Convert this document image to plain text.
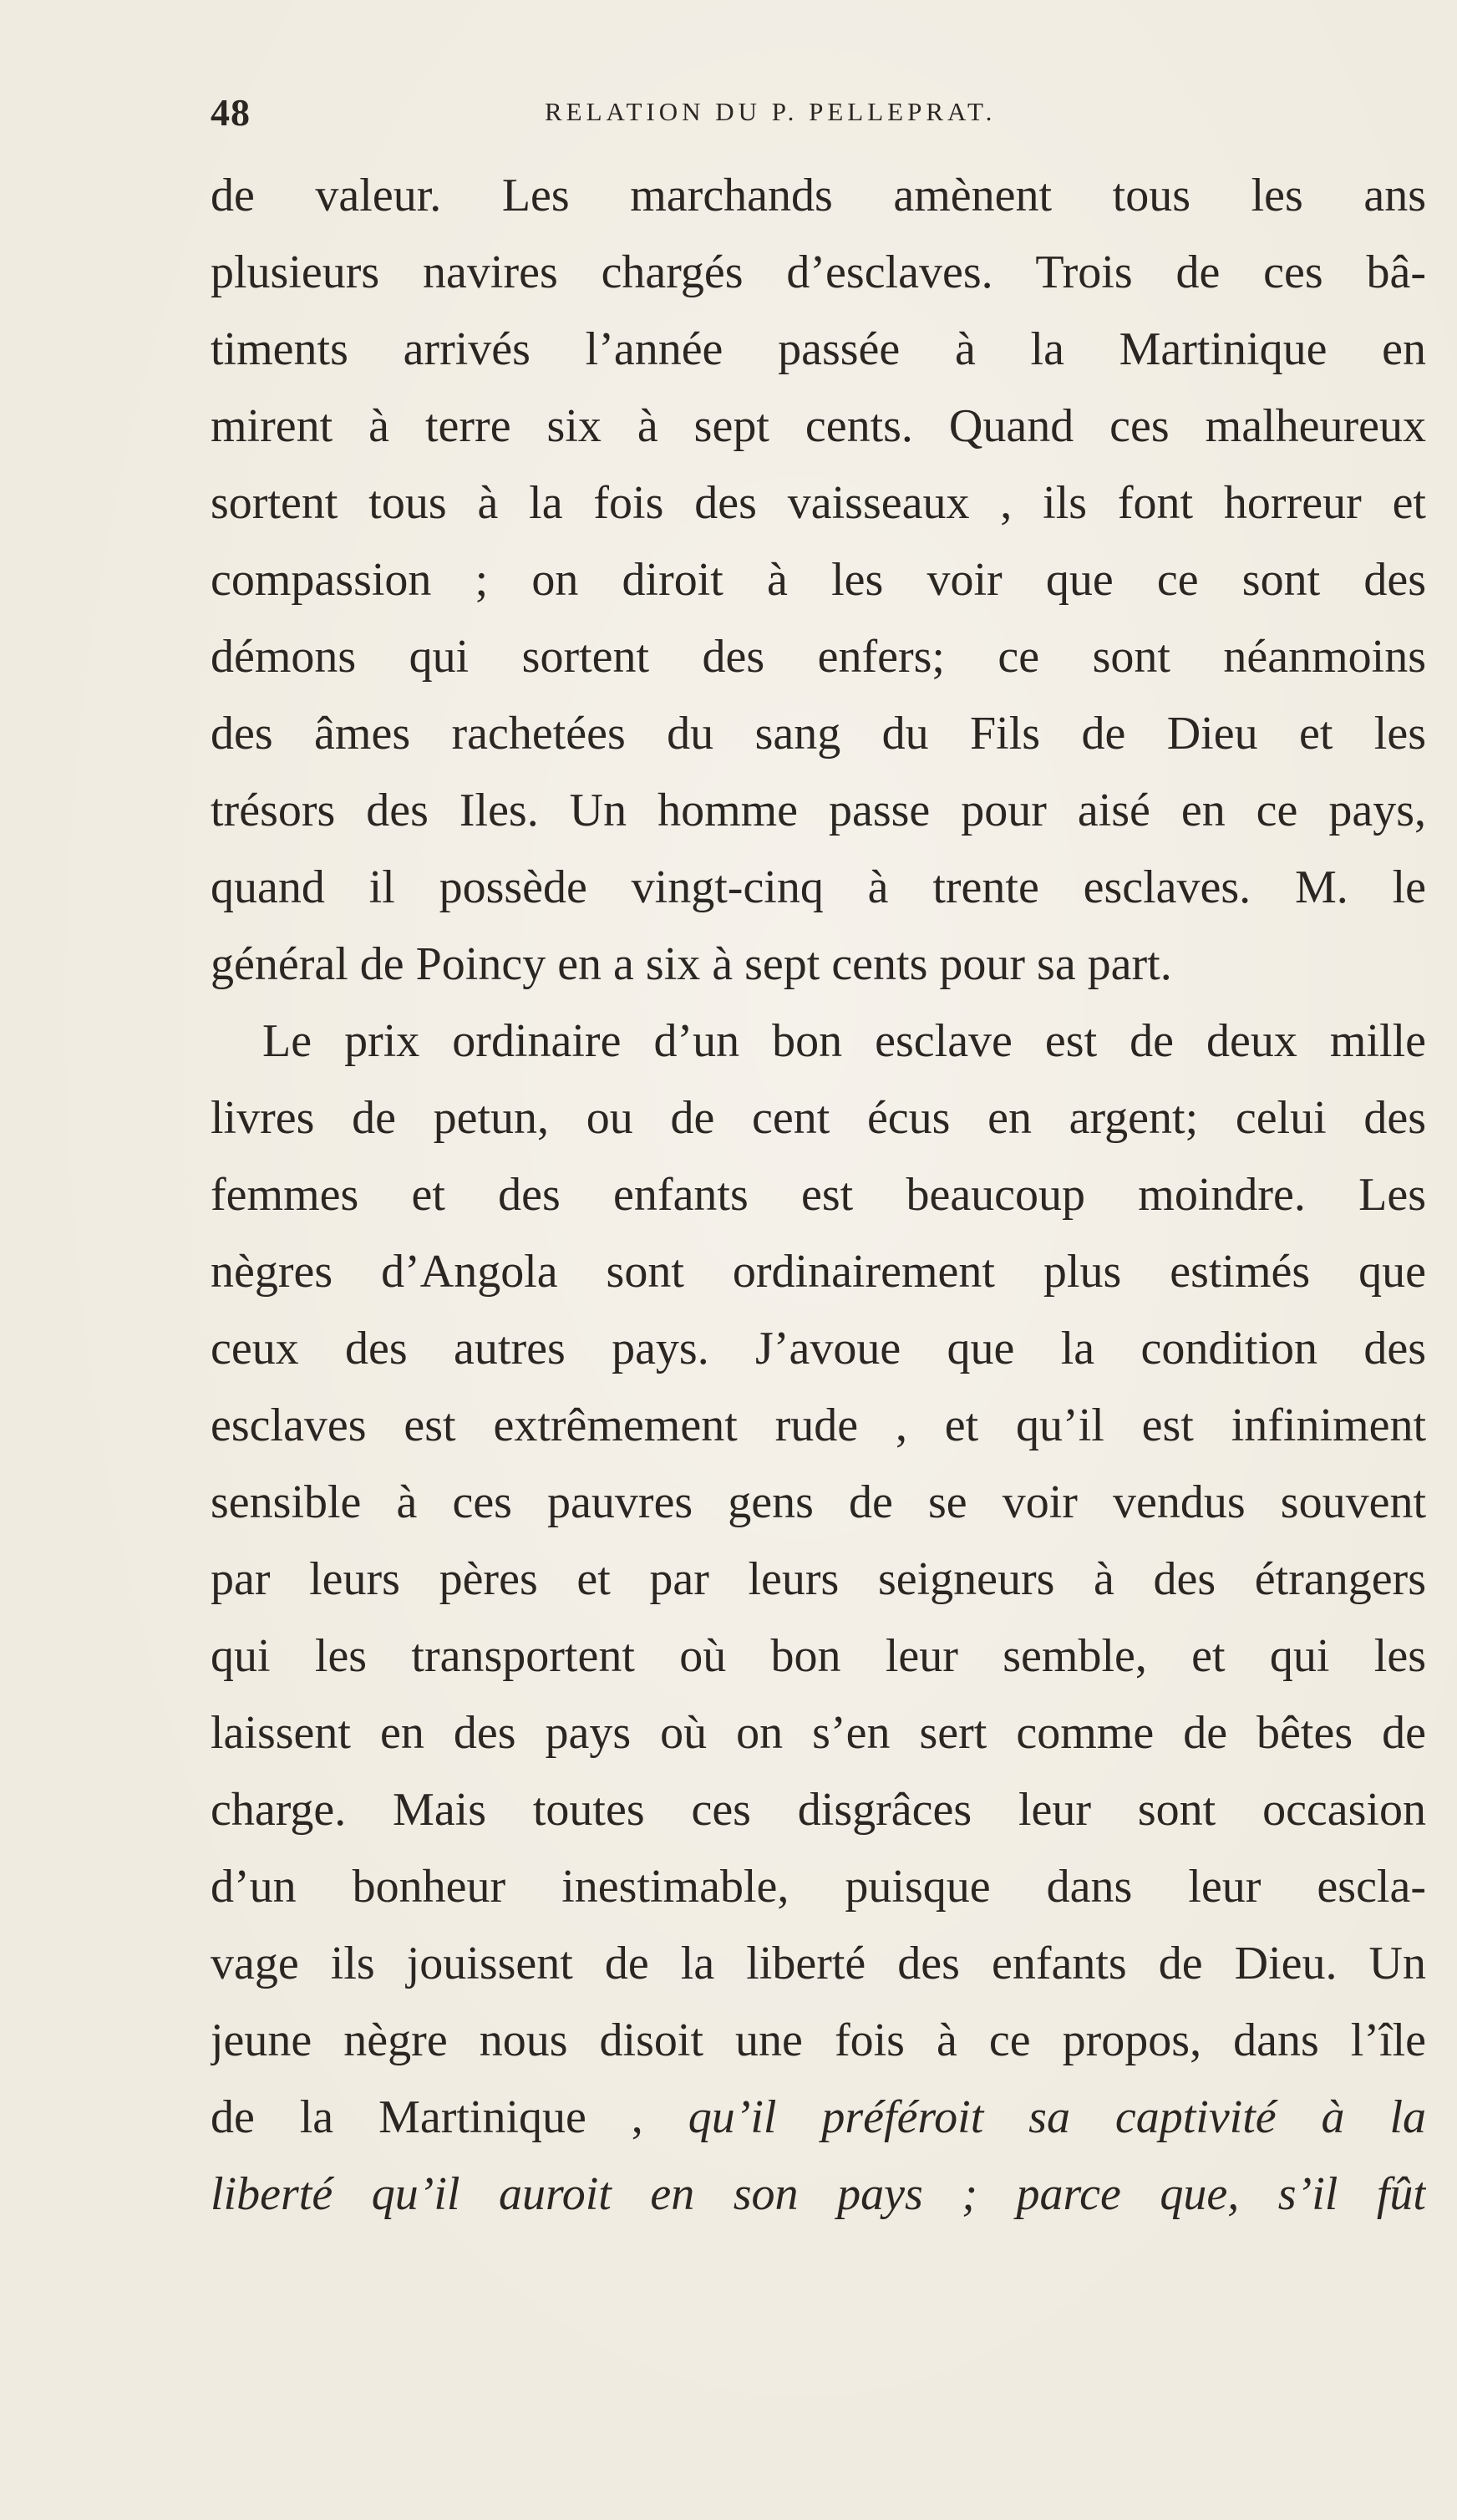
48	RELATION DU P. PELLEPRAT.
de valeur. Les marchands amènent tous les ans
plusieurs navires chargés d’esclaves. Trois de ces bâ-
timents arrivés l’année passée à la Martinique en
mirent à terre six à sept cents. Quand ces malheureux
sortent tous à la fois des vaisseaux , ils font horreur et
compassion ; on diroit à les voir que ce sont des
démons qui sortent des enfers; ce sont néanmoins
des âmes rachetées du sang du Fils de Dieu et les
trésors des Iles. Un homme passe pour aisé en ce pays,
quand il possède vingt-cinq à trente esclaves. M. le
général de Poincy en a six à sept cents pour sa part.
Le prix ordinaire d’un bon esclave est de deux mille
livres de petun, ou de cent écus en argent; celui des
femmes et des enfants est beaucoup moindre. Les
nègres d’Angola sont ordinairement plus estimés que
ceux des autres pays. J’avoue que la condition des
esclaves est extrêmement rude , et qu’il est infiniment
sensible à ces pauvres gens de se voir vendus souvent
par leurs pères et par leurs seigneurs à des étrangers
qui les transportent où bon leur semble, et qui les
laissent en des pays où on s’en sert comme de bêtes de
charge. Mais toutes ces disgrâces leur sont occasion
d’un bonheur inestimable, puisque dans leur escla-
vage ils jouissent de la liberté des enfants de Dieu. Un
jeune nègre nous disoit une fois à ce propos, dans l’île
de la Martinique , qu’il préféroit sa captivité à la
liberté qu’il auroit en son pays ; parce que, s’il fût
